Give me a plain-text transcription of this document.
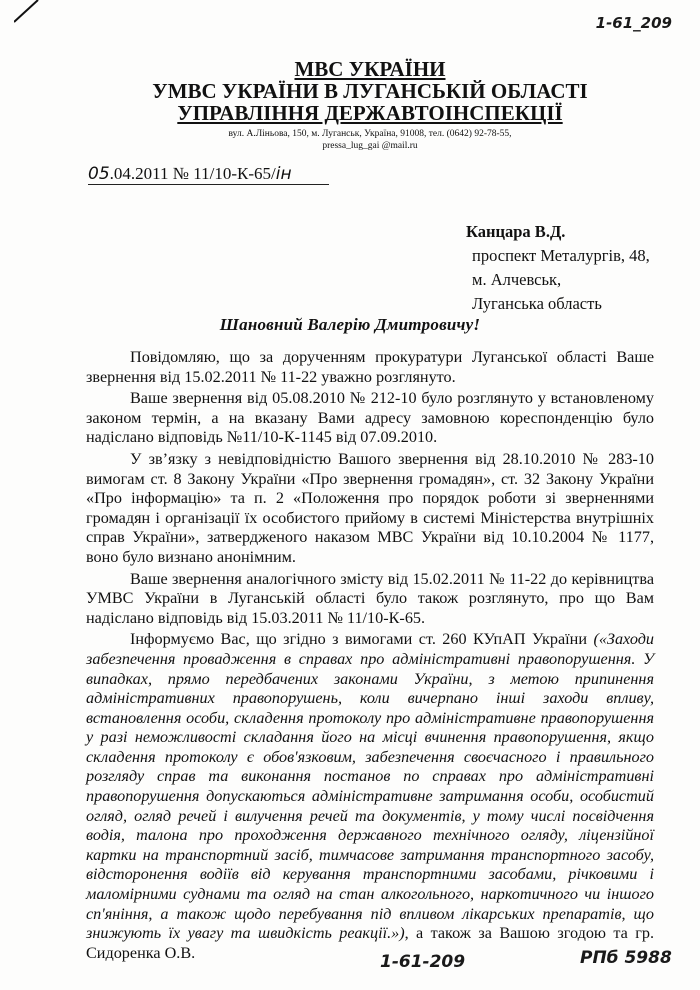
1-61_209
МВС УКРАЇНИ
УМВС УКРАЇНИ В ЛУГАНСЬКІЙ ОБЛАСТІ
УПРАВЛІННЯ ДЕРЖАВТОІНСПЕКЦІЇ
вул. А.Ліньова, 150, м. Луганськ, Україна, 91008, тел. (0642) 92-78-55,
pressa_lug_gai @mail.ru
05.04.2011 № 11/10-К-65/ін
Канцара В.Д.
проспект Металургів, 48,
м. Алчевськ,
Луганська область
Шановний Валерію Дмитровичу!

Повідомляю, що за дорученням прокуратури Луганської області Ваше звернення від 15.02.2011 № 11-22 уважно розглянуто.

Ваше звернення від 05.08.2010 № 212-10 було розглянуто у встановленому законом термін, а на вказану Вами адресу замовною кореспонденцію було надіслано відповідь №11/10-К-1145 від 07.09.2010.

У зв’язку з невідповідністю Вашого звернення від 28.10.2010 № 283-10 вимогам ст. 8 Закону України «Про звернення громадян», ст. 32 Закону України «Про інформацію» та п. 2 «Положення про порядок роботи зі зверненнями громадян і організації їх особистого прийому в системі Міністерства внутрішніх справ України», затвердженого наказом МВС України від 10.10.2004 № 1177, воно було визнано анонімним.

Ваше звернення аналогічного змісту від 15.02.2011 № 11-22 до керівництва УМВС України в Луганській області було також розглянуто, про що Вам надіслано відповідь від 15.03.2011 № 11/10-К-65.

Інформуємо Вас, що згідно з вимогами ст. 260 КУпАП України («Заходи забезпечення провадження в справах про адміністративні правопорушення. У випадках, прямо передбачених законами України, з метою припинення адміністративних правопорушень, коли вичерпано інші заходи впливу, встановлення особи, складення протоколу про адміністративне правопорушення у разі неможливості складання його на місці вчинення правопорушення, якщо складення протоколу є обов'язковим, забезпечення своєчасного і правильного розгляду справ та виконання постанов по справах про адміністративні правопорушення допускаються адміністративне затримання особи, особистий огляд, огляд речей і вилучення речей та документів, у тому числі посвідчення водія, талона про проходження державного технічного огляду, ліцензійної картки на транспортний засіб, тимчасове затримання транспортного засобу, відсторонення водіїв від керування транспортними засобами, річковими і маломірними суднами та огляд на стан алкогольного, наркотичного чи іншого сп'яніння, а також щодо перебування під впливом лікарських препаратів, що знижують їх увагу та швидкість реакції.»), а також за Вашою згодою та гр. Сидоренка О.В.	1-61-209	РПб 5988
